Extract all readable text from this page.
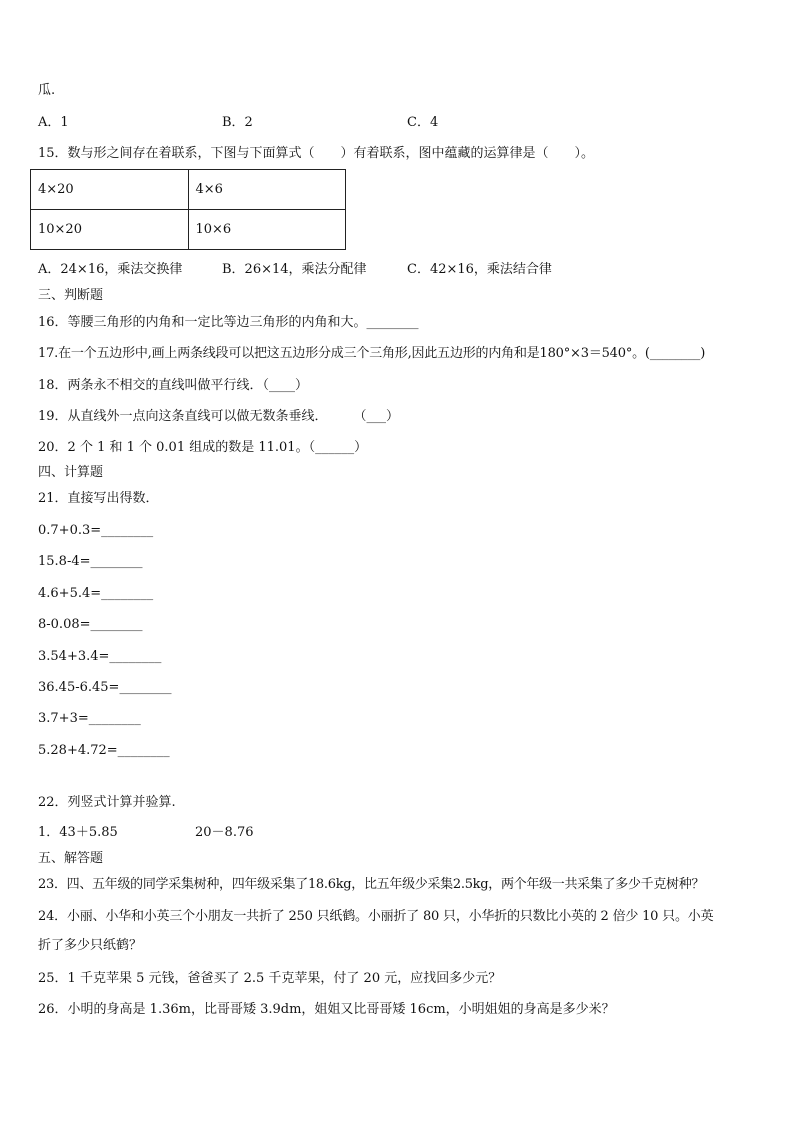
瓜.
A．1	B．2	C．4
15．数与形之间存在着联系，下图与下面算式（　　）有着联系，图中蕴藏的运算律是（　　）。
4×20	4×6
10×20	10×6
A．24×16，乘法交换律	B．26×14，乘法分配律	C．42×16，乘法结合律
三、判断题
16．等腰三角形的内角和一定比等边三角形的内角和大。________
17.在一个五边形中,画上两条线段可以把这五边形分成三个三角形,因此五边形的内角和是180°×3＝540°。(________)
18．两条永不相交的直线叫做平行线．（____）
19．从直线外一点向这条直线可以做无数条垂线．　　　（___）
20．2 个 1 和 1 个 0.01 组成的数是 11.01。（______）
四、计算题
21．直接写出得数．
0.7+0.3=________
15.8-4=________
4.6+5.4=________
8-0.08=________
3.54+3.4=________
36.45-6.45=________
3.7+3=________
5.28+4.72=________
22．列竖式计算并验算.
1．43＋5.85	20－8.76
五、解答题
23．四、五年级的同学采集树种，四年级采集了18.6kg，比五年级少采集2.5kg，两个年级一共采集了多少千克树种？
24．小丽、小华和小英三个小朋友一共折了 250 只纸鹤。小丽折了 80 只，小华折的只数比小英的 2 倍少 10 只。小英
折了多少只纸鹤？
25．1 千克苹果 5 元钱，爸爸买了 2.5 千克苹果，付了 20 元，应找回多少元？
26．小明的身高是 1.36m，比哥哥矮 3.9dm，姐姐又比哥哥矮 16cm，小明姐姐的身高是多少米？
